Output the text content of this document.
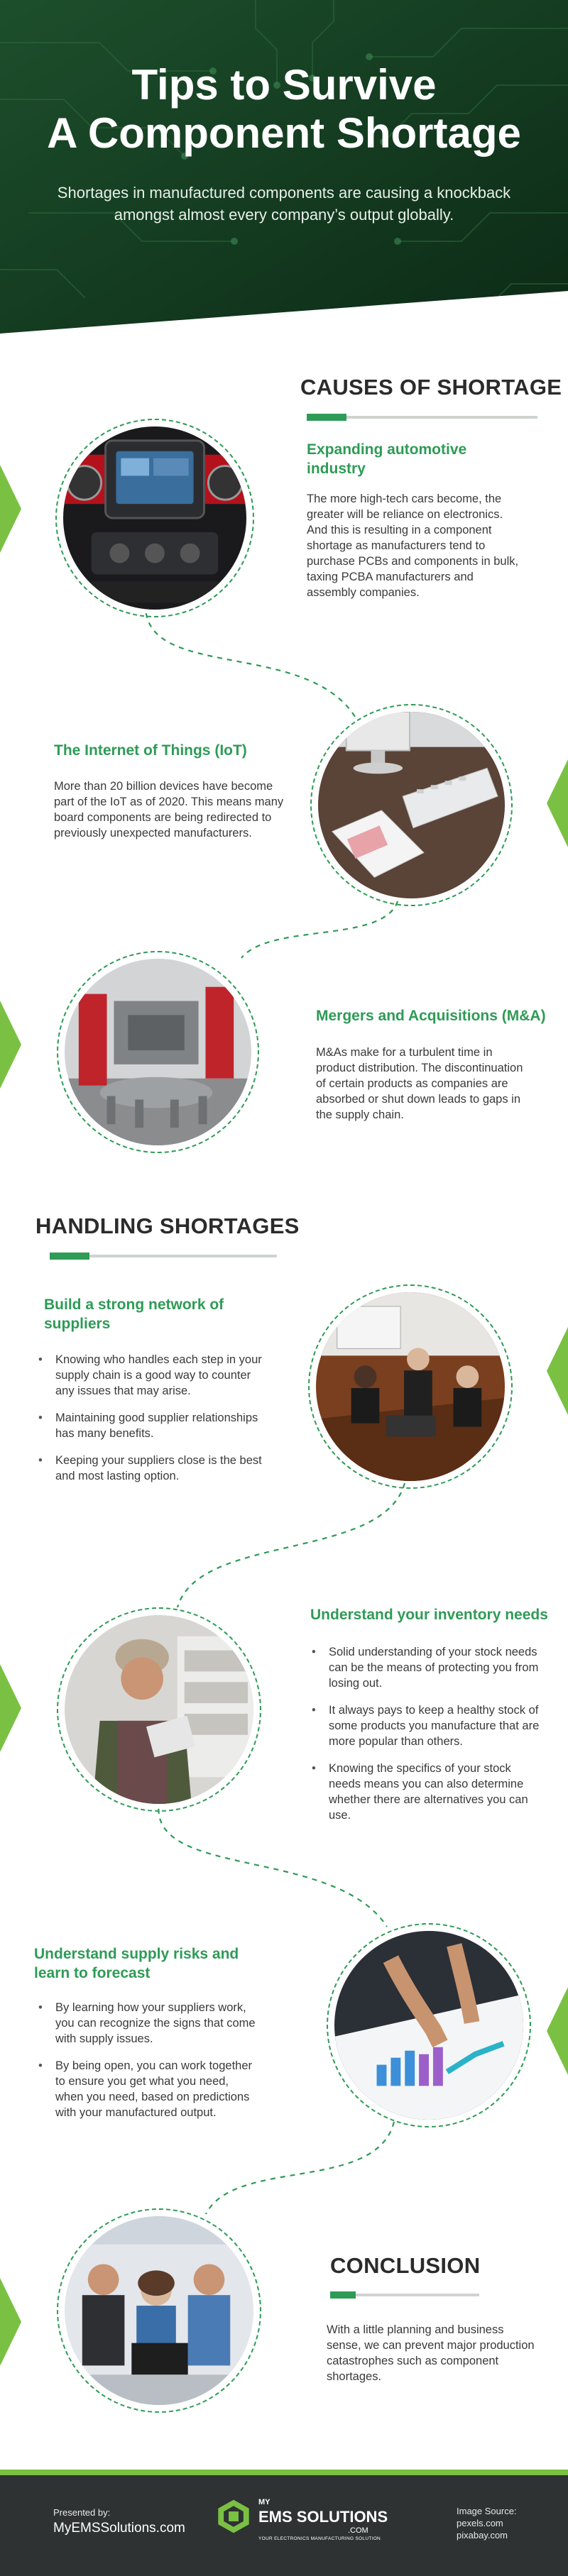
Tips to Survive
A Component Shortage
Shortages in manufactured components are causing a knockback amongst almost every company’s output globally.
CAUSES OF SHORTAGE
Expanding automotive industry
The more high-tech cars become, the greater will be reliance on electronics. And this is resulting in a component shortage as manufacturers tend to purchase PCBs and components in bulk, taxing PCBA manufacturers and assembly companies.
The Internet of Things (IoT)
More than 20 billion devices have become part of the IoT as of 2020. This means many board components are being redirected to previously unexpected manufacturers.
Mergers and Acquisitions (M&A)
M&As make for a turbulent time in product distribution. The discontinuation of certain products as companies are absorbed or shut down leads to gaps in the supply chain.
HANDLING SHORTAGES
Build a strong network of suppliers
• Knowing who handles each step in your supply chain is a good way to counter any issues that may arise.
• Maintaining good supplier relationships has many benefits.
• Keeping your suppliers close is the best and most lasting option.
Understand your inventory needs
• Solid understanding of your stock needs can be the means of protecting you from losing out.
• It always pays to keep a healthy stock of some products you manufacture that are more popular than others.
• Knowing the specifics of your stock needs means you can also determine whether there are alternatives you can use.
Understand supply risks and learn to forecast
• By learning how your suppliers work, you can recognize the signs that come with supply issues.
• By being open, you can work together to ensure you get what you need, when you need, based on predictions with your manufactured output.
CONCLUSION
With a little planning and business sense, we can prevent major production catastrophes such as component shortages.
Presented by:
MyEMSSolutions.com
MY
EMS SOLUTIONS
.COM
YOUR ELECTRONICS MANUFACTURING SOLUTION
Image Source:
pexels.com
pixabay.com
